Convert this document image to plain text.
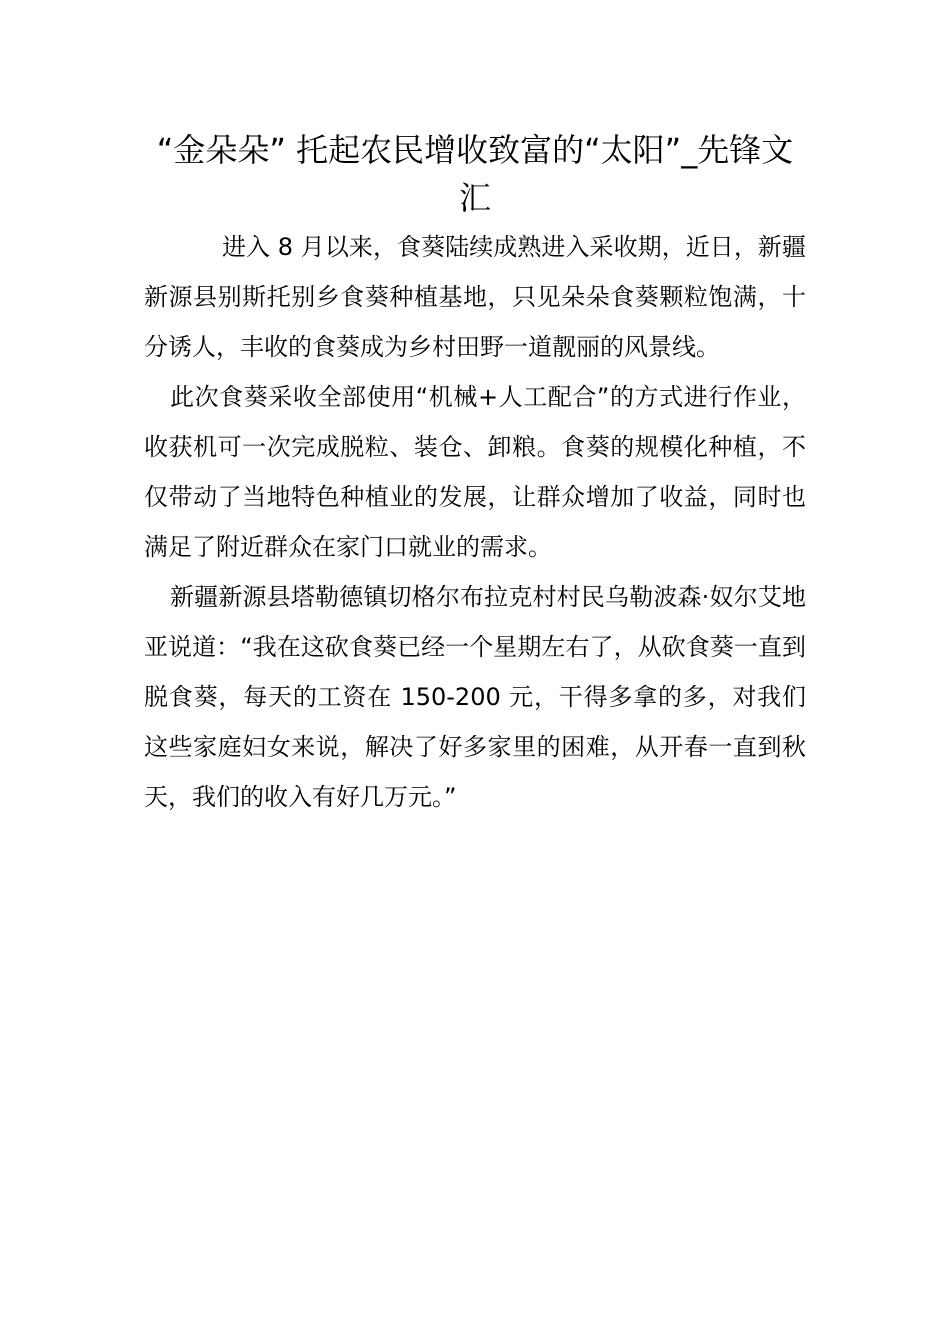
“金朵朵” 托起农民增收致富的“太阳”_先锋文汇

进入 8 月以来，食葵陆续成熟进入采收期，近日，新疆新源县别斯托别乡食葵种植基地，只见朵朵食葵颗粒饱满，十分诱人，丰收的食葵成为乡村田野一道靓丽的风景线。

此次食葵采收全部使用“机械+人工配合”的方式进行作业，收获机可一次完成脱粒、装仓、卸粮。食葵的规模化种植，不仅带动了当地特色种植业的发展，让群众增加了收益，同时也满足了附近群众在家门口就业的需求。

新疆新源县塔勒德镇切格尔布拉克村村民乌勒波森·奴尔艾地亚说道：“我在这砍食葵已经一个星期左右了，从砍食葵一直到脱食葵，每天的工资在 150-200 元，干得多拿的多，对我们这些家庭妇女来说，解决了好多家里的困难，从开春一直到秋天，我们的收入有好几万元。”
